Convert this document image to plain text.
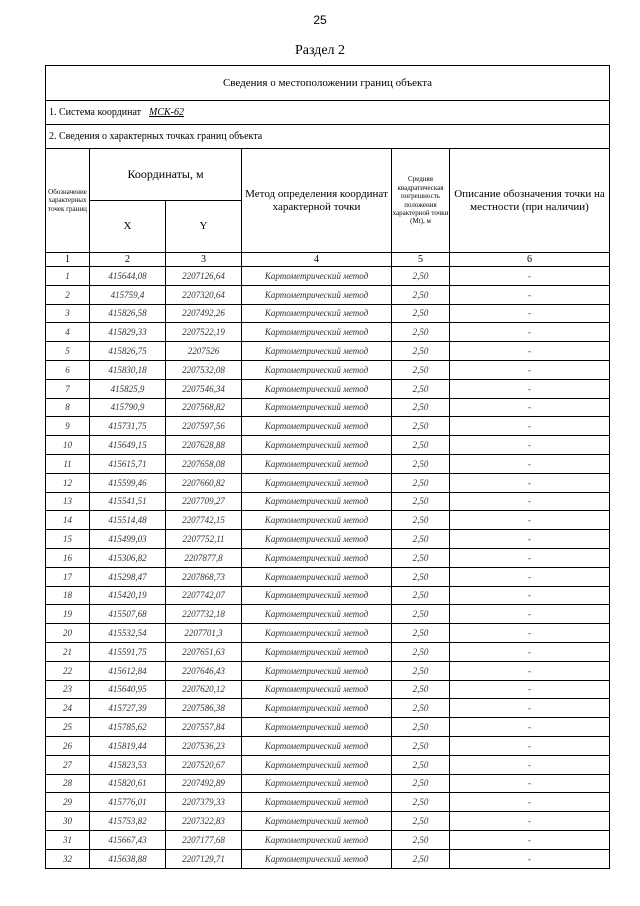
25
Раздел 2
Сведения о местоположении границ объекта					
1. Система координат МСК-62					
2. Сведения о характерных точках границ объекта					
Обозначение характерных точек границ	Координаты, м		Метод определения координат характерной точки	Средняя квадратическая погрешность положения характерной точки (Mt), м	Описание обозначения точки на местности (при наличии)
	X	Y			
1	2	3	4	5	6
1	415644,08	2207126,64	Картометрический метод	2,50	-
2	415759,4	2207320,64	Картометрический метод	2,50	-
3	415826,58	2207492,26	Картометрический метод	2,50	-
4	415829,33	2207522,19	Картометрический метод	2,50	-
5	415826,75	2207526	Картометрический метод	2,50	-
6	415830,18	2207532,08	Картометрический метод	2,50	-
7	415825,9	2207546,34	Картометрический метод	2,50	-
8	415790,9	2207568,82	Картометрический метод	2,50	-
9	415731,75	2207597,56	Картометрический метод	2,50	-
10	415649,15	2207628,88	Картометрический метод	2,50	-
11	415615,71	2207658,08	Картометрический метод	2,50	-
12	415599,46	2207660,82	Картометрический метод	2,50	-
13	415541,51	2207709,27	Картометрический метод	2,50	-
14	415514,48	2207742,15	Картометрический метод	2,50	-
15	415499,03	2207752,11	Картометрический метод	2,50	-
16	415306,82	2207877,8	Картометрический метод	2,50	-
17	415298,47	2207868,73	Картометрический метод	2,50	-
18	415420,19	2207742,07	Картометрический метод	2,50	-
19	415507,68	2207732,18	Картометрический метод	2,50	-
20	415532,54	2207701,3	Картометрический метод	2,50	-
21	415591,75	2207651,63	Картометрический метод	2,50	-
22	415612,84	2207646,43	Картометрический метод	2,50	-
23	415640,95	2207620,12	Картометрический метод	2,50	-
24	415727,39	2207586,38	Картометрический метод	2,50	-
25	415785,62	2207557,84	Картометрический метод	2,50	-
26	415819,44	2207536,23	Картометрический метод	2,50	-
27	415823,53	2207520,67	Картометрический метод	2,50	-
28	415820,61	2207492,89	Картометрический метод	2,50	-
29	415776,01	2207379,33	Картометрический метод	2,50	-
30	415753,82	2207322,83	Картометрический метод	2,50	-
31	415667,43	2207177,68	Картометрический метод	2,50	-
32	415638,88	2207129,71	Картометрический метод	2,50	-
